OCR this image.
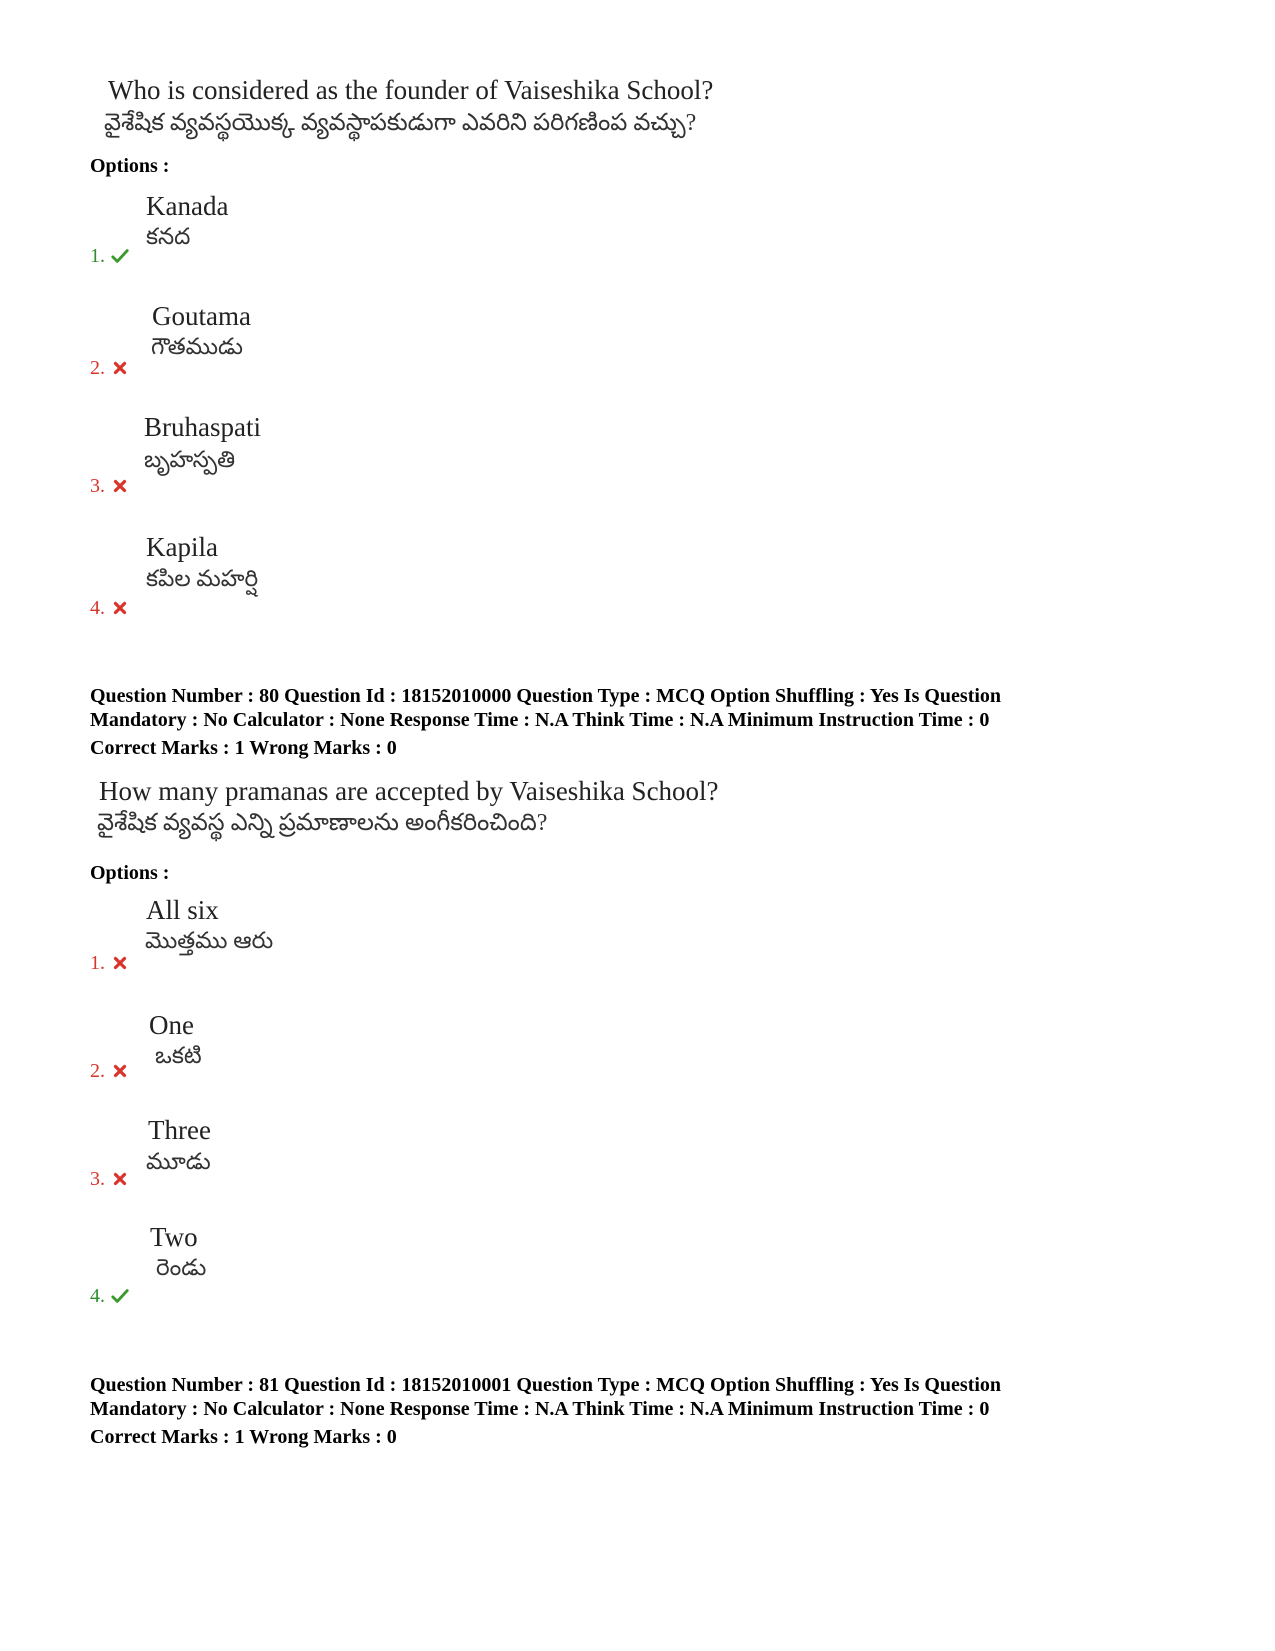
Who is considered as the founder of Vaiseshika School?
వైశేషిక వ్యవస్థయొక్క వ్యవస్థాపకుడుగా ఎవరిని పరిగణింప వచ్చు?
Options :
Kanada
కనద
1.
Goutama
గౌతముడు
2.
Bruhaspati
బృహస్పతి
3.
Kapila
కపిల మహర్షి
4.
Question Number : 80 Question Id : 18152010000 Question Type : MCQ Option Shuffling : Yes Is Question
Mandatory : No Calculator : None Response Time : N.A Think Time : N.A Minimum Instruction Time : 0
Correct Marks : 1 Wrong Marks : 0
How many pramanas are accepted by Vaiseshika School?
వైశేషిక వ్యవస్థ ఎన్ని ప్రమాణాలను అంగీకరించింది?
Options :
All six
మొత్తము ఆరు
1.
One
ఒకటి
2.
Three
మూడు
3.
Two
రెండు
4.
Question Number : 81 Question Id : 18152010001 Question Type : MCQ Option Shuffling : Yes Is Question
Mandatory : No Calculator : None Response Time : N.A Think Time : N.A Minimum Instruction Time : 0
Correct Marks : 1 Wrong Marks : 0
